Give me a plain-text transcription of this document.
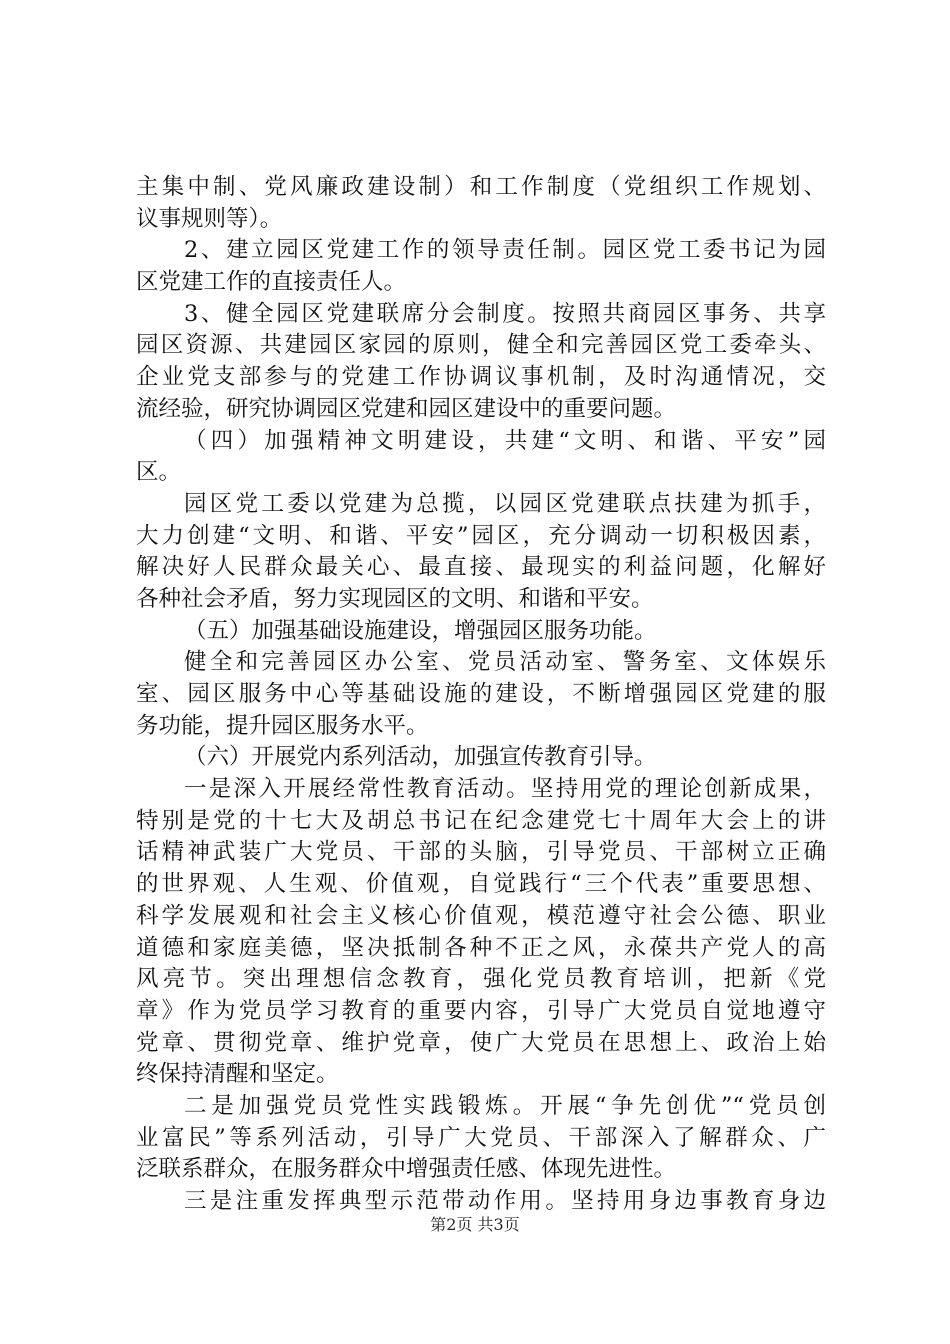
主集中制、党风廉政建设制）和工作制度（党组织工作规划、
议事规则等）。
2、建立园区党建工作的领导责任制。园区党工委书记为园
区党建工作的直接责任人。
3、健全园区党建联席分会制度。按照共商园区事务、共享
园区资源、共建园区家园的原则，健全和完善园区党工委牵头、
企业党支部参与的党建工作协调议事机制，及时沟通情况，交
流经验，研究协调园区党建和园区建设中的重要问题。
（四）加强精神文明建设，共建“文明、和谐、平安”园
区。
园区党工委以党建为总揽，以园区党建联点扶建为抓手，
大力创建“文明、和谐、平安”园区，充分调动一切积极因素，
解决好人民群众最关心、最直接、最现实的利益问题，化解好
各种社会矛盾，努力实现园区的文明、和谐和平安。
（五）加强基础设施建设，增强园区服务功能。
健全和完善园区办公室、党员活动室、警务室、文体娱乐
室、园区服务中心等基础设施的建设，不断增强园区党建的服
务功能，提升园区服务水平。
（六）开展党内系列活动，加强宣传教育引导。
一是深入开展经常性教育活动。坚持用党的理论创新成果，
特别是党的十七大及胡总书记在纪念建党七十周年大会上的讲
话精神武装广大党员、干部的头脑，引导党员、干部树立正确
的世界观、人生观、价值观，自觉践行“三个代表”重要思想、
科学发展观和社会主义核心价值观，模范遵守社会公德、职业
道德和家庭美德，坚决抵制各种不正之风，永葆共产党人的高
风亮节。突出理想信念教育，强化党员教育培训，把新《党
章》作为党员学习教育的重要内容，引导广大党员自觉地遵守
党章、贯彻党章、维护党章，使广大党员在思想上、政治上始
终保持清醒和坚定。
二是加强党员党性实践锻炼。开展“争先创优”“党员创
业富民”等系列活动，引导广大党员、干部深入了解群众、广
泛联系群众，在服务群众中增强责任感、体现先进性。
三是注重发挥典型示范带动作用。坚持用身边事教育身边
第2页 共3页
